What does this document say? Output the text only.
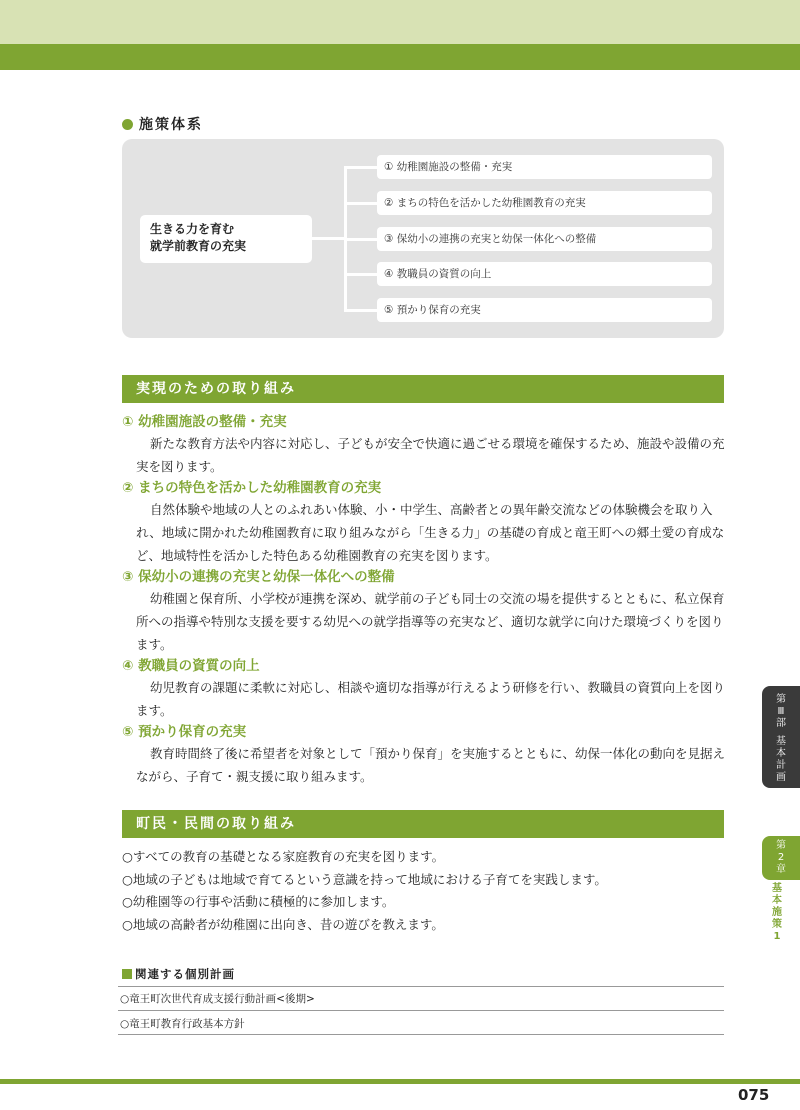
施策体系
生きる力を育む
就学前教育の充実
① 幼稚園施設の整備・充実
② まちの特色を活かした幼稚園教育の充実
③ 保幼小の連携の充実と幼保一体化への整備
④ 教職員の資質の向上
⑤ 預かり保育の充実
実現のための取り組み
① 幼稚園施設の整備・充実
新たな教育方法や内容に対応し、子どもが安全で快適に過ごせる環境を確保するため、施設や設備の充実を図ります。
② まちの特色を活かした幼稚園教育の充実
自然体験や地域の人とのふれあい体験、小・中学生、高齢者との異年齢交流などの体験機会を取り入れ、地域に開かれた幼稚園教育に取り組みながら「生きる力」の基礎の育成と竜王町への郷土愛の育成など、地域特性を活かした特色ある幼稚園教育の充実を図ります。
③ 保幼小の連携の充実と幼保一体化への整備
幼稚園と保育所、小学校が連携を深め、就学前の子ども同士の交流の場を提供するとともに、私立保育所への指導や特別な支援を要する幼児への就学指導等の充実など、適切な就学に向けた環境づくりを図ります。
④ 教職員の資質の向上
幼児教育の課題に柔軟に対応し、相談や適切な指導が行えるよう研修を行い、教職員の資質向上を図ります。
⑤ 預かり保育の充実
教育時間終了後に希望者を対象として「預かり保育」を実施するとともに、幼保一体化の動向を見据えながら、子育て・親支援に取り組みます。
町民・民間の取り組み
○すべての教育の基礎となる家庭教育の充実を図ります。
○地域の子どもは地域で育てるという意識を持って地域における子育てを実践します。
○幼稚園等の行事や活動に積極的に参加します。
○地域の高齢者が幼稚園に出向き、昔の遊びを教えます。
関連する個別計画
○竜王町次世代育成支援行動計画<後期>
○竜王町教育行政基本方針
第
Ⅲ
部
基
本
計
画
第
2
章
基
本
施
策
1
075
